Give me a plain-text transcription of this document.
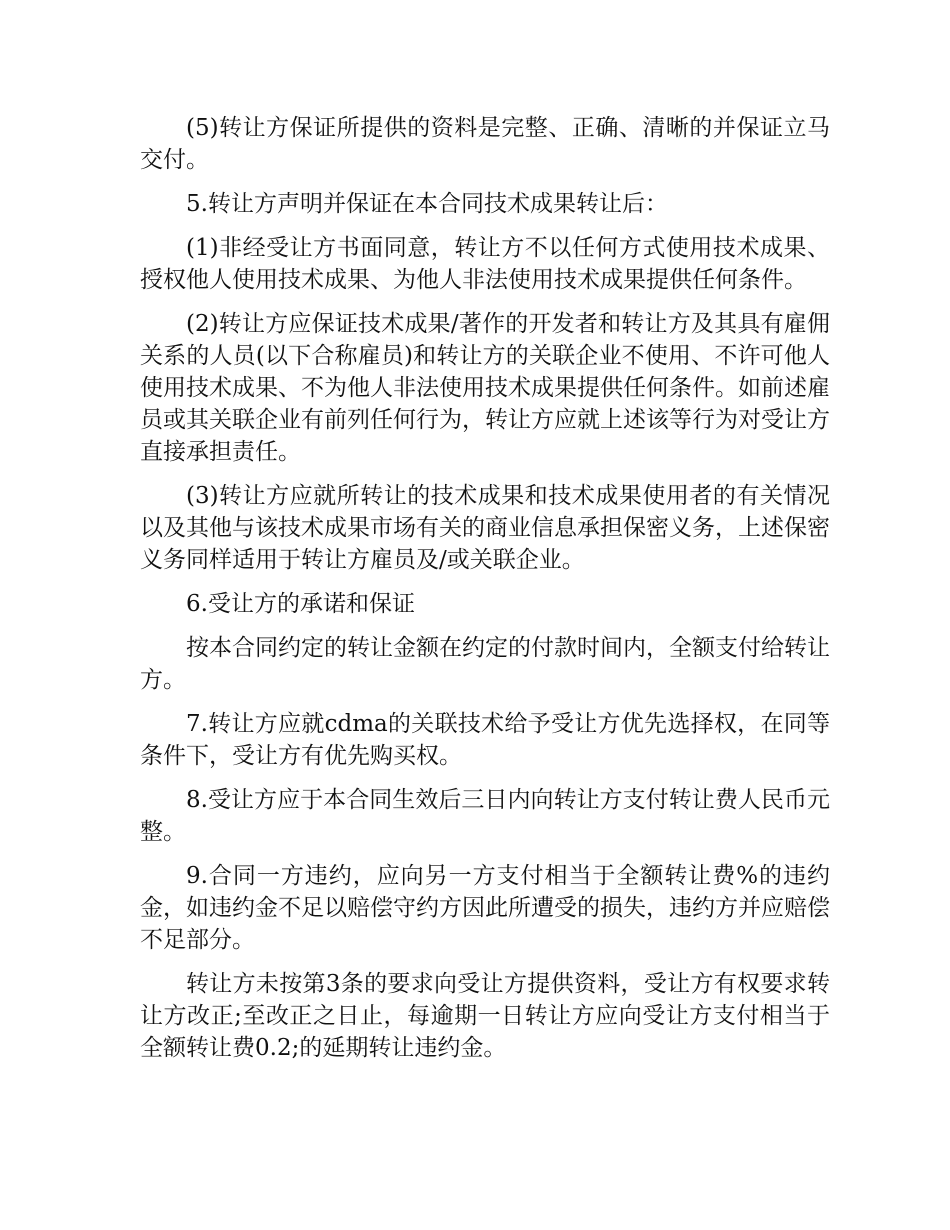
(5)转让方保证所提供的资料是完整、正确、清晰的并保证立马交付。

5.转让方声明并保证在本合同技术成果转让后：

(1)非经受让方书面同意，转让方不以任何方式使用技术成果、授权他人使用技术成果、为他人非法使用技术成果提供任何条件。

(2)转让方应保证技术成果/著作的开发者和转让方及其具有雇佣关系的人员(以下合称雇员)和转让方的关联企业不使用、不许可他人使用技术成果、不为他人非法使用技术成果提供任何条件。如前述雇员或其关联企业有前列任何行为，转让方应就上述该等行为对受让方直接承担责任。

(3)转让方应就所转让的技术成果和技术成果使用者的有关情况以及其他与该技术成果市场有关的商业信息承担保密义务，上述保密义务同样适用于转让方雇员及/或关联企业。

6.受让方的承诺和保证

按本合同约定的转让金额在约定的付款时间内，全额支付给转让方。

7.转让方应就cdma的关联技术给予受让方优先选择权，在同等条件下，受让方有优先购买权。

8.受让方应于本合同生效后三日内向转让方支付转让费人民币元整。

9.合同一方违约，应向另一方支付相当于全额转让费%的违约金，如违约金不足以赔偿守约方因此所遭受的损失，违约方并应赔偿不足部分。

转让方未按第3条的要求向受让方提供资料，受让方有权要求转让方改正;至改正之日止，每逾期一日转让方应向受让方支付相当于全额转让费0.2;的延期转让违约金。
